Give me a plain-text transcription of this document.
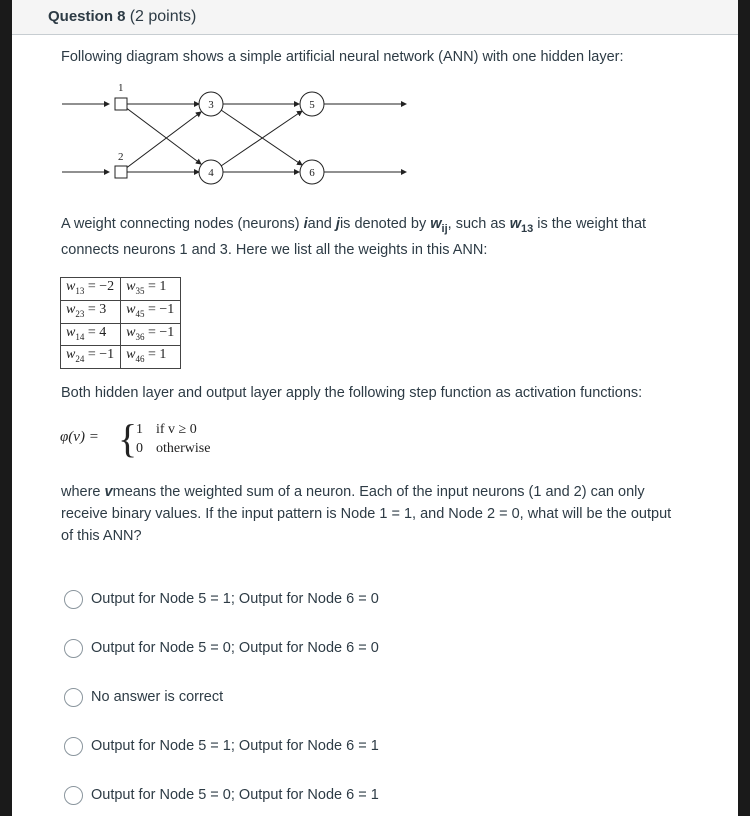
Question 8 (2 points)
Following diagram shows a simple artificial neural network (ANN) with one hidden layer:
1
2
3
4
5
6
A weight connecting nodes (neurons) iand jis denoted by $w_{ij}$, such as $w_{13}$ is the weight that
connects neurons 1 and 3. Here we list all the weights in this ANN:
$w_{13} = -2$	$w_{35} = 1$
$w_{23} = 3$	$w_{45} = -1$
$w_{14} = 4$	$w_{36} = -1$
$w_{24} = -1$	$w_{46} = 1$
Both hidden layer and output layer apply the following step function as activation functions:
φ(v) = {
1 if v ≥ 0
0 otherwise
where vmeans the weighted sum of a neuron. Each of the input neurons (1 and 2) can only
receive binary values. If the input pattern is Node 1 = 1, and Node 2 = 0, what will be the output
of this ANN?
Output for Node 5 = 1; Output for Node 6 = 0
Output for Node 5 = 0; Output for Node 6 = 0
No answer is correct
Output for Node 5 = 1; Output for Node 6 = 1
Output for Node 5 = 0; Output for Node 6 = 1
